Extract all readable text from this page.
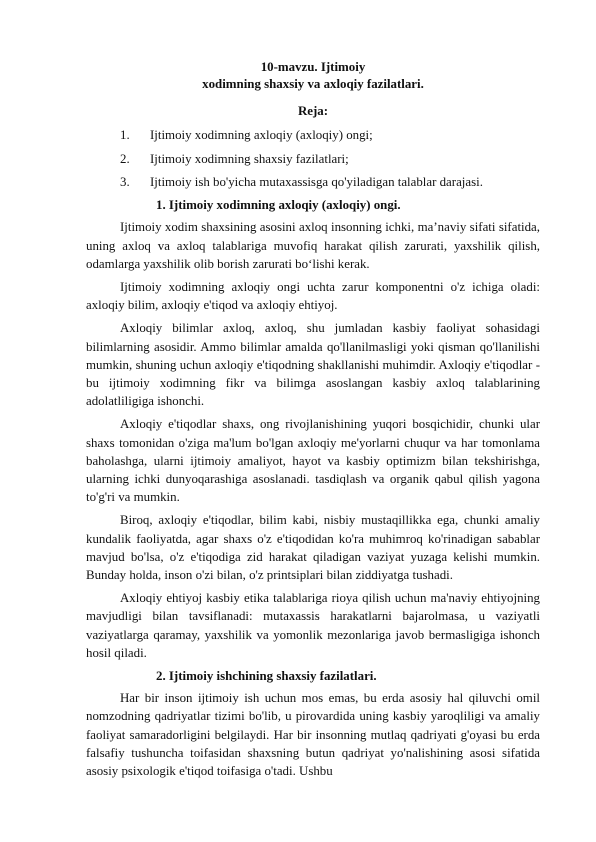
10-mavzu. Ijtimoiy
xodimning shaxsiy va axloqiy fazilatlari.
Reja:
1.	Ijtimoiy xodimning axloqiy (axloqiy) ongi;
2.	Ijtimoiy xodimning shaxsiy fazilatlari;
3.	Ijtimoiy ish bo'yicha mutaxassisga qo'yiladigan talablar darajasi.
1. Ijtimoiy xodimning axloqiy (axloqiy) ongi.

Ijtimoiy xodim shaxsining asosini axloq insonning ichki, ma’naviy sifati sifatida, uning axloq va axloq talablariga muvofiq harakat qilish zarurati, yaxshilik qilish, odamlarga yaxshilik olib borish zarurati bo‘lishi kerak.

Ijtimoiy xodimning axloqiy ongi uchta zarur komponentni o'z ichiga oladi: axloqiy bilim, axloqiy e'tiqod va axloqiy ehtiyoj.

Axloqiy bilimlar axloq, axloq, shu jumladan kasbiy faoliyat sohasidagi bilimlarning asosidir. Ammo bilimlar amalda qo'llanilmasligi yoki qisman qo'llanilishi mumkin, shuning uchun axloqiy e'tiqodning shakllanishi muhimdir. Axloqiy e'tiqodlar - bu ijtimoiy xodimning fikr va bilimga asoslangan kasbiy axloq talablarining adolatliligiga ishonchi.

Axloqiy e'tiqodlar shaxs, ong rivojlanishining yuqori bosqichidir, chunki ular shaxs tomonidan o'ziga ma'lum bo'lgan axloqiy me'yorlarni chuqur va har tomonlama baholashga, ularni ijtimoiy amaliyot, hayot va kasbiy optimizm bilan tekshirishga, ularning ichki dunyoqarashiga asoslanadi. tasdiqlash va organik qabul qilish yagona to'g'ri va mumkin.

Biroq, axloqiy e'tiqodlar, bilim kabi, nisbiy mustaqillikka ega, chunki amaliy kundalik faoliyatda, agar shaxs o'z e'tiqodidan ko'ra muhimroq ko'rinadigan sabablar mavjud bo'lsa, o'z e'tiqodiga zid harakat qiladigan vaziyat yuzaga kelishi mumkin. Bunday holda, inson o'zi bilan, o'z printsiplari bilan ziddiyatga tushadi.

Axloqiy ehtiyoj kasbiy etika talablariga rioya qilish uchun ma'naviy ehtiyojning mavjudligi bilan tavsiflanadi: mutaxassis harakatlarni bajarolmasa, u vaziyatli vaziyatlarga qaramay, yaxshilik va yomonlik mezonlariga javob bermasligiga ishonch hosil qiladi.

2. Ijtimoiy ishchining shaxsiy fazilatlari.

Har bir inson ijtimoiy ish uchun mos emas, bu erda asosiy hal qiluvchi omil nomzodning qadriyatlar tizimi bo'lib, u pirovardida uning kasbiy yaroqliligi va amaliy faoliyat samaradorligini belgilaydi. Har bir insonning mutlaq qadriyati g'oyasi bu erda falsafiy tushuncha toifasidan shaxsning butun qadriyat yo'nalishining asosi sifatida asosiy psixologik e'tiqod toifasiga o'tadi. Ushbu
